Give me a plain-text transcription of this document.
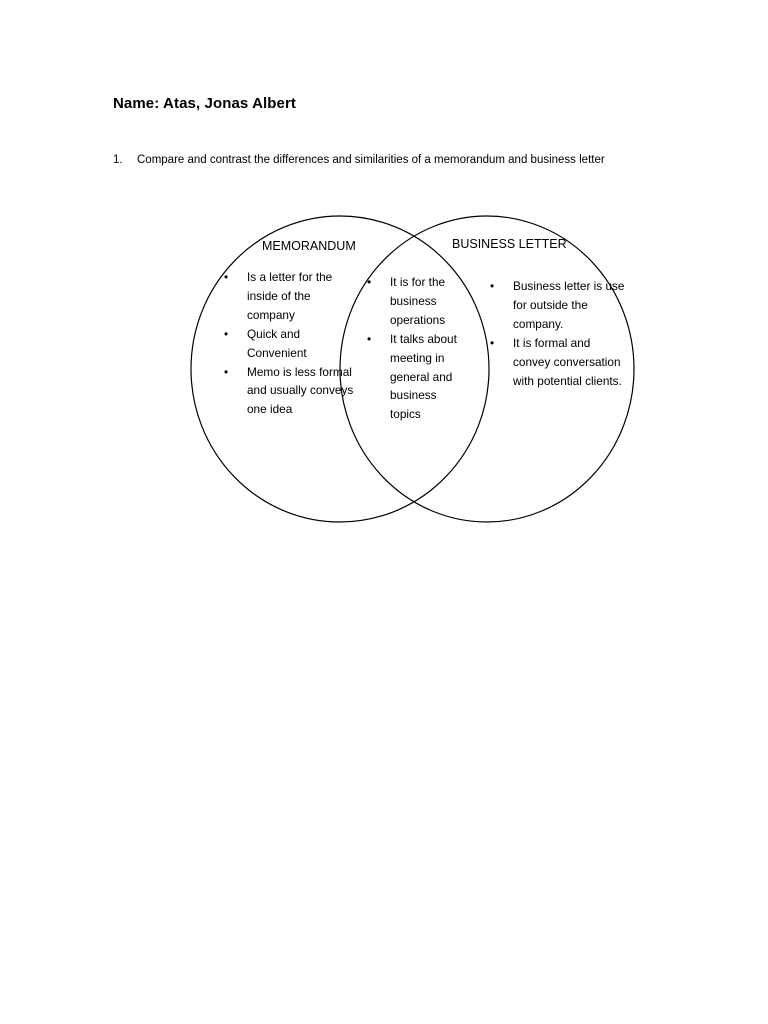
Name: Atas, Jonas Albert
1. Compare and contrast the differences and similarities of a memorandum and business letter
MEMORANDUM	BUSINESS LETTER
• Is a letter for the inside of the company
• Quick and Convenient
• Memo is less formal and usually conveys one idea
• It is for the business operations
• It talks about meeting in general and business topics
• Business letter is use for outside the company.
• It is formal and convey conversation with potential clients.
